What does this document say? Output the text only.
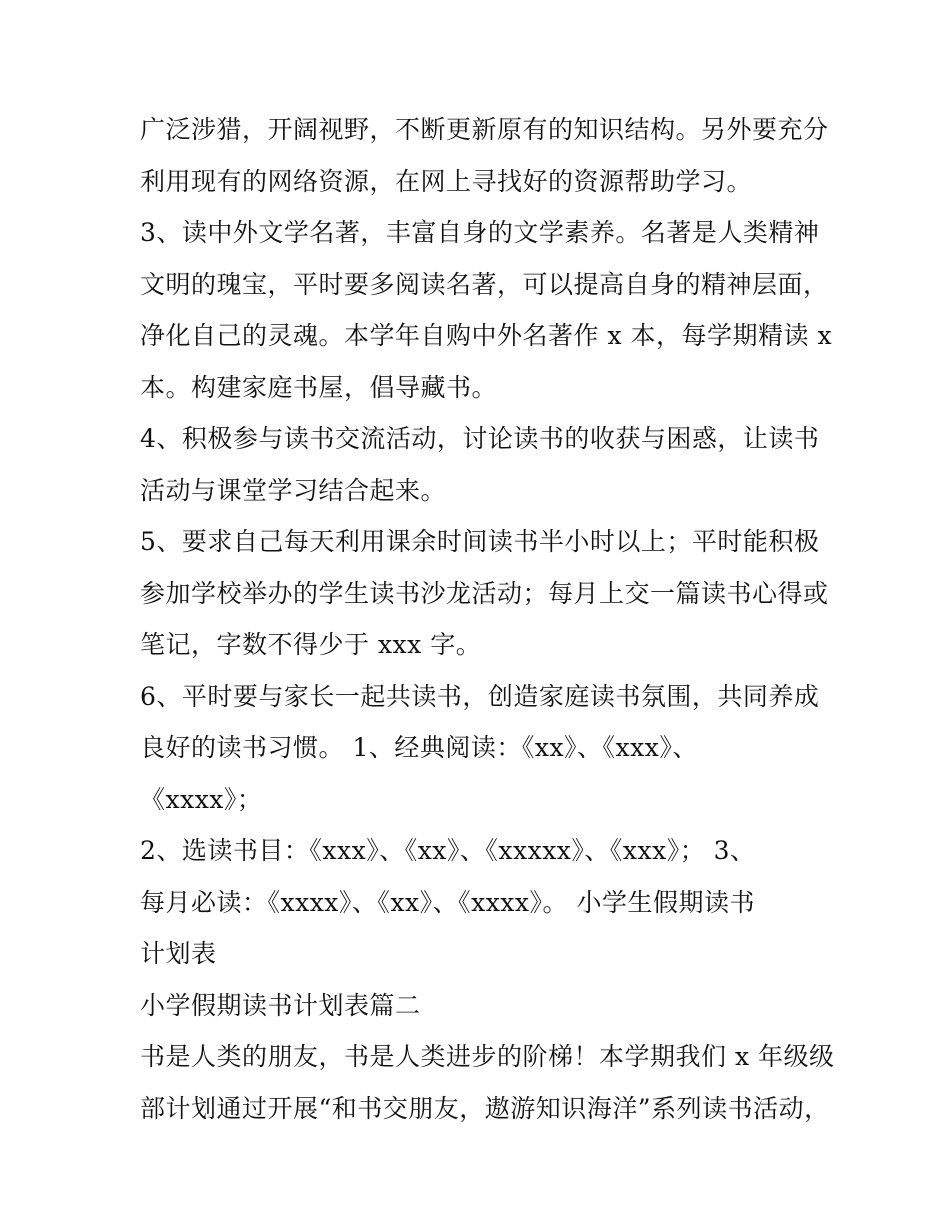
广泛涉猎，开阔视野，不断更新原有的知识结构。另外要充分
利用现有的网络资源，在网上寻找好的资源帮助学习。
3、读中外文学名著，丰富自身的文学素养。名著是人类精神
文明的瑰宝，平时要多阅读名著，可以提高自身的精神层面，
净化自己的灵魂。本学年自购中外名著作 x 本，每学期精读 x
本。构建家庭书屋，倡导藏书。
4、积极参与读书交流活动，讨论读书的收获与困惑，让读书
活动与课堂学习结合起来。
5、要求自己每天利用课余时间读书半小时以上；平时能积极
参加学校举办的学生读书沙龙活动；每月上交一篇读书心得或
笔记，字数不得少于 xxx 字。
6、平时要与家长一起共读书，创造家庭读书氛围，共同养成
良好的读书习惯。 1、经典阅读：《xx》、《xxx》、
《xxxx》；
2、选读书目：《xxx》、《xx》、《xxxxx》、《xxx》； 3、
每月必读：《xxxx》、《xx》、《xxxx》。 小学生假期读书
计划表
小学假期读书计划表篇二
书是人类的朋友，书是人类进步的阶梯！本学期我们 x 年级级
部计划通过开展“和书交朋友，遨游知识海洋”系列读书活动，
